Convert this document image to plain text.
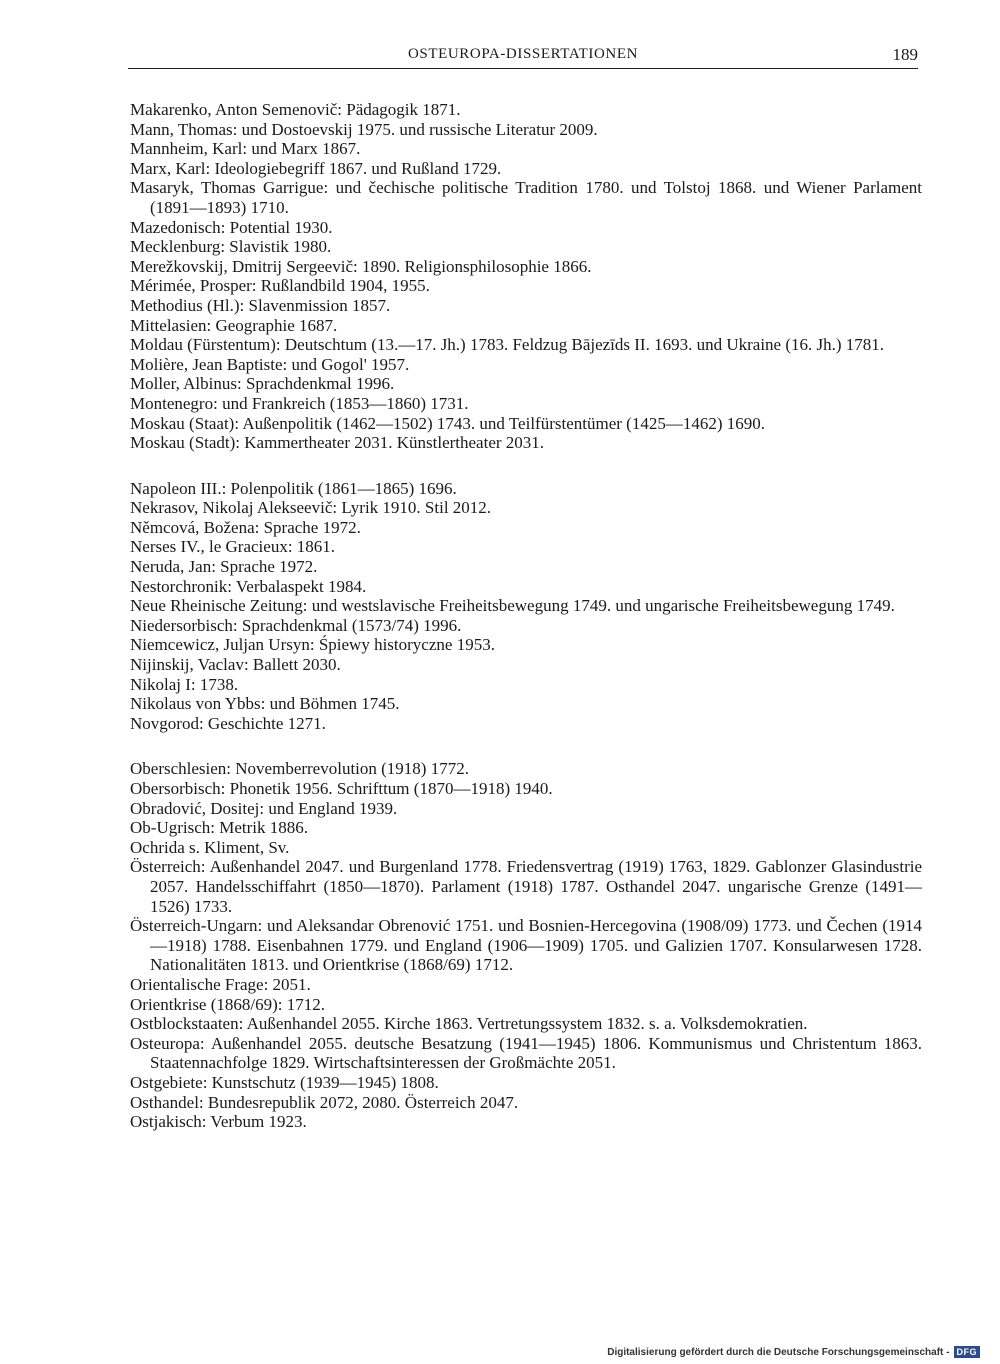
OSTEUROPA-DISSERTATIONEN	189

Makarenko, Anton Semenovič: Pädagogik 1871.

Mann, Thomas: und Dostoevskij 1975. und russische Literatur 2009.

Mannheim, Karl: und Marx 1867.

Marx, Karl: Ideologiebegriff 1867. und Rußland 1729.

Masaryk, Thomas Garrigue: und čechische politische Tradition 1780. und Tolstoj 1868. und Wiener Parlament (1891—1893) 1710.

Mazedonisch: Potential 1930.

Mecklenburg: Slavistik 1980.

Merežkovskij, Dmitrij Sergeevič: 1890. Religionsphilosophie 1866.

Mérimée, Prosper: Rußlandbild 1904, 1955.

Methodius (Hl.): Slavenmission 1857.

Mittelasien: Geographie 1687.

Moldau (Fürstentum): Deutschtum (13.—17. Jh.) 1783. Feldzug Bājezīds II. 1693. und Ukraine (16. Jh.) 1781.

Molière, Jean Baptiste: und Gogol' 1957.

Moller, Albinus: Sprachdenkmal 1996.

Montenegro: und Frankreich (1853—1860) 1731.

Moskau (Staat): Außenpolitik (1462—1502) 1743. und Teilfürstentümer (1425—1462) 1690.

Moskau (Stadt): Kammertheater 2031. Künstlertheater 2031.

Napoleon III.: Polenpolitik (1861—1865) 1696.

Nekrasov, Nikolaj Alekseevič: Lyrik 1910. Stil 2012.

Němcová, Božena: Sprache 1972.

Nerses IV., le Gracieux: 1861.

Neruda, Jan: Sprache 1972.

Nestorchronik: Verbalaspekt 1984.

Neue Rheinische Zeitung: und westslavische Freiheitsbewegung 1749. und ungarische Freiheitsbewegung 1749.

Niedersorbisch: Sprachdenkmal (1573/74) 1996.

Niemcewicz, Juljan Ursyn: Śpiewy historyczne 1953.

Nijinskij, Vaclav: Ballett 2030.

Nikolaj I: 1738.

Nikolaus von Ybbs: und Böhmen 1745.

Novgorod: Geschichte 1271.

Oberschlesien: Novemberrevolution (1918) 1772.

Obersorbisch: Phonetik 1956. Schrifttum (1870—1918) 1940.

Obradović, Dositej: und England 1939.

Ob-Ugrisch: Metrik 1886.

Ochrida s. Kliment, Sv.

Österreich: Außenhandel 2047. und Burgenland 1778. Friedensvertrag (1919) 1763, 1829. Gablonzer Glasindustrie 2057. Handelsschiffahrt (1850—1870). Parlament (1918) 1787. Osthandel 2047. ungarische Grenze (1491—1526) 1733.

Österreich-Ungarn: und Aleksandar Obrenović 1751. und Bosnien-Hercegovina (1908/09) 1773. und Čechen (1914—1918) 1788. Eisenbahnen 1779. und England (1906—1909) 1705. und Galizien 1707. Konsularwesen 1728. Nationalitäten 1813. und Orientkrise (1868/69) 1712.

Orientalische Frage: 2051.

Orientkrise (1868/69): 1712.

Ostblockstaaten: Außenhandel 2055. Kirche 1863. Vertretungssystem 1832. s. a. Volksdemokratien.

Osteuropa: Außenhandel 2055. deutsche Besatzung (1941—1945) 1806. Kommunismus und Christentum 1863. Staatennachfolge 1829. Wirtschaftsinteressen der Großmächte 2051.

Ostgebiete: Kunstschutz (1939—1945) 1808.

Osthandel: Bundesrepublik 2072, 2080. Österreich 2047.

Ostjakisch: Verbum 1923.

Digitalisierung gefördert durch die Deutsche Forschungsgemeinschaft - DFG
